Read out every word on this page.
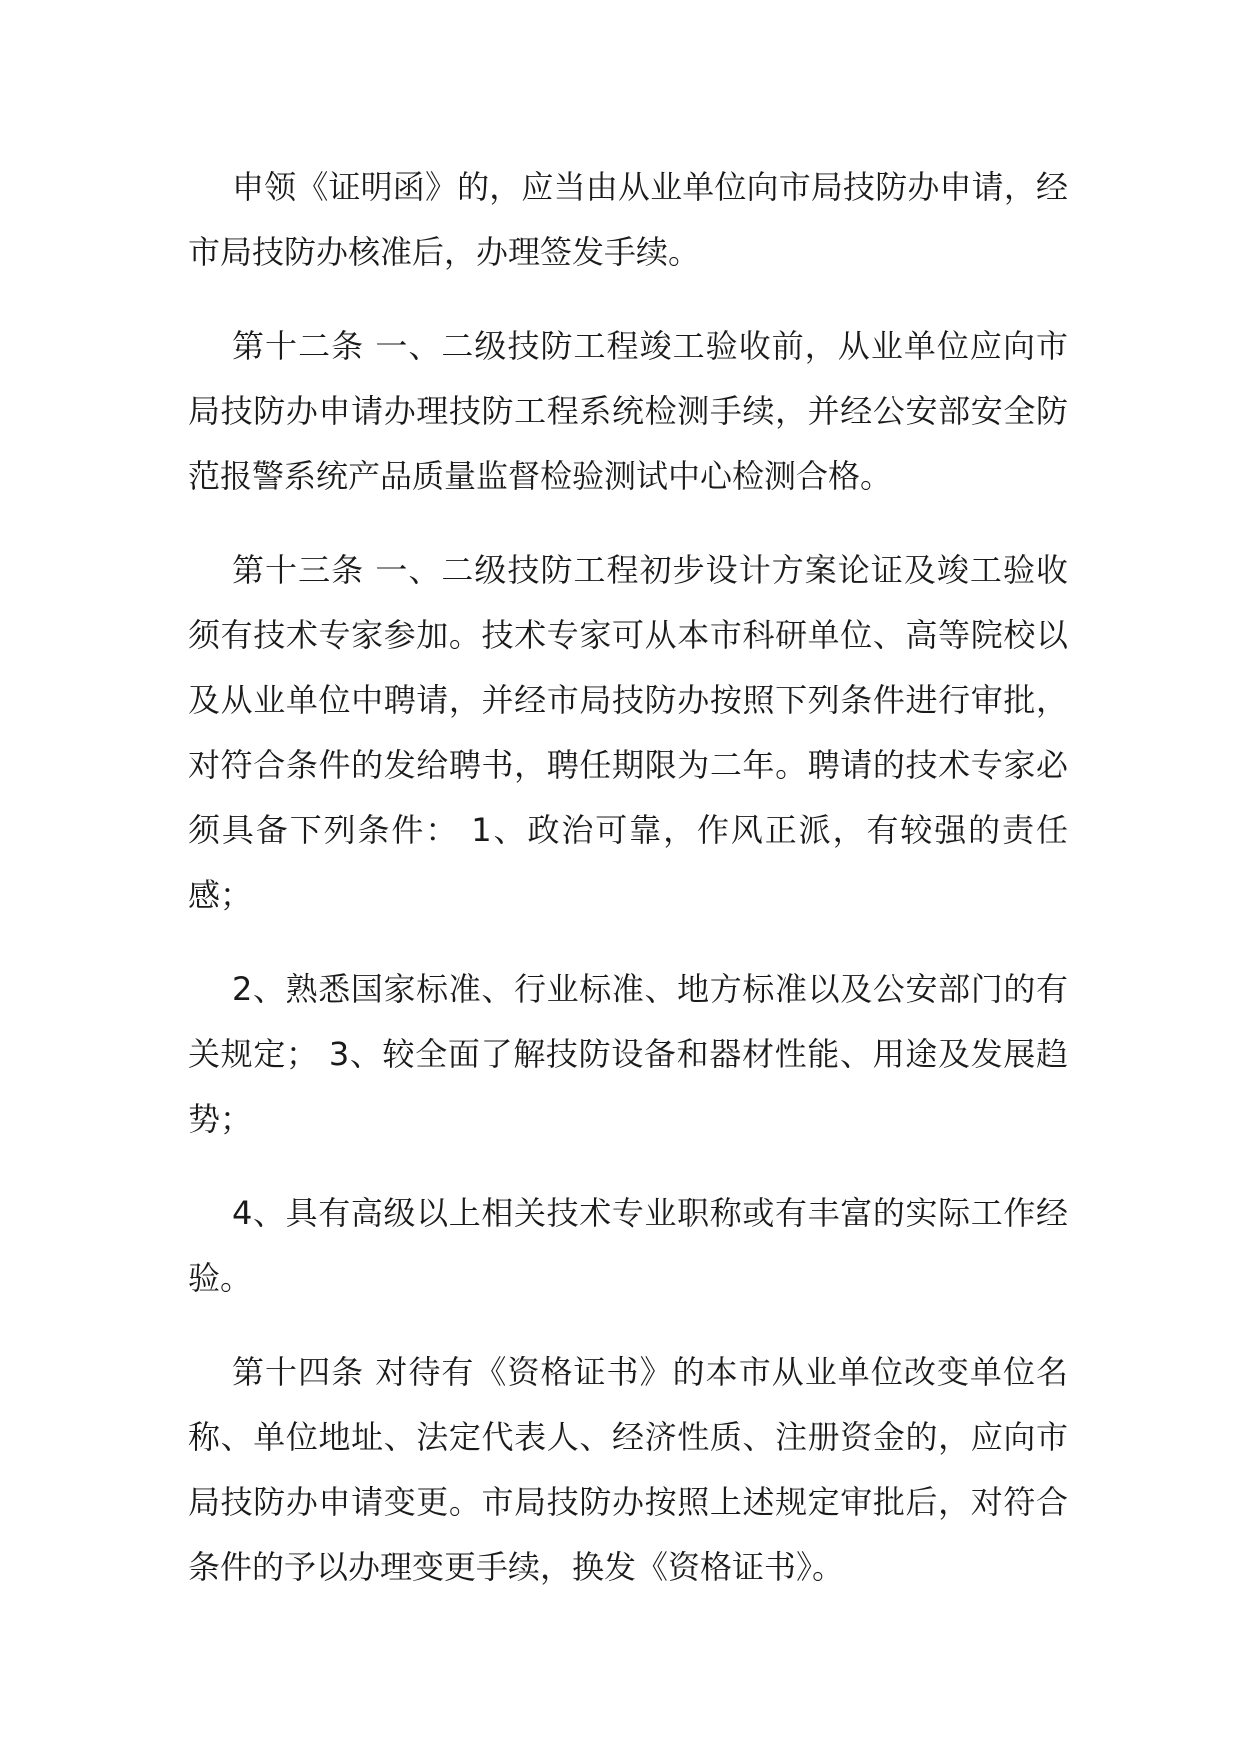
申领《证明函》的，应当由从业单位向市局技防办申请，经市局技防办核准后，办理签发手续。

第十二条 一、二级技防工程竣工验收前，从业单位应向市局技防办申请办理技防工程系统检测手续，并经公安部安全防范报警系统产品质量监督检验测试中心检测合格。

第十三条 一、二级技防工程初步设计方案论证及竣工验收须有技术专家参加。技术专家可从本市科研单位、高等院校以及从业单位中聘请，并经市局技防办按照下列条件进行审批，对符合条件的发给聘书，聘任期限为二年。聘请的技术专家必须具备下列条件： 1、政治可靠，作风正派，有较强的责任感；

2、熟悉国家标准、行业标准、地方标准以及公安部门的有关规定； 3、较全面了解技防设备和器材性能、用途及发展趋势；

4、具有高级以上相关技术专业职称或有丰富的实际工作经验。

第十四条 对待有《资格证书》的本市从业单位改变单位名称、单位地址、法定代表人、经济性质、注册资金的，应向市局技防办申请变更。市局技防办按照上述规定审批后，对符合条件的予以办理变更手续，换发《资格证书》。
